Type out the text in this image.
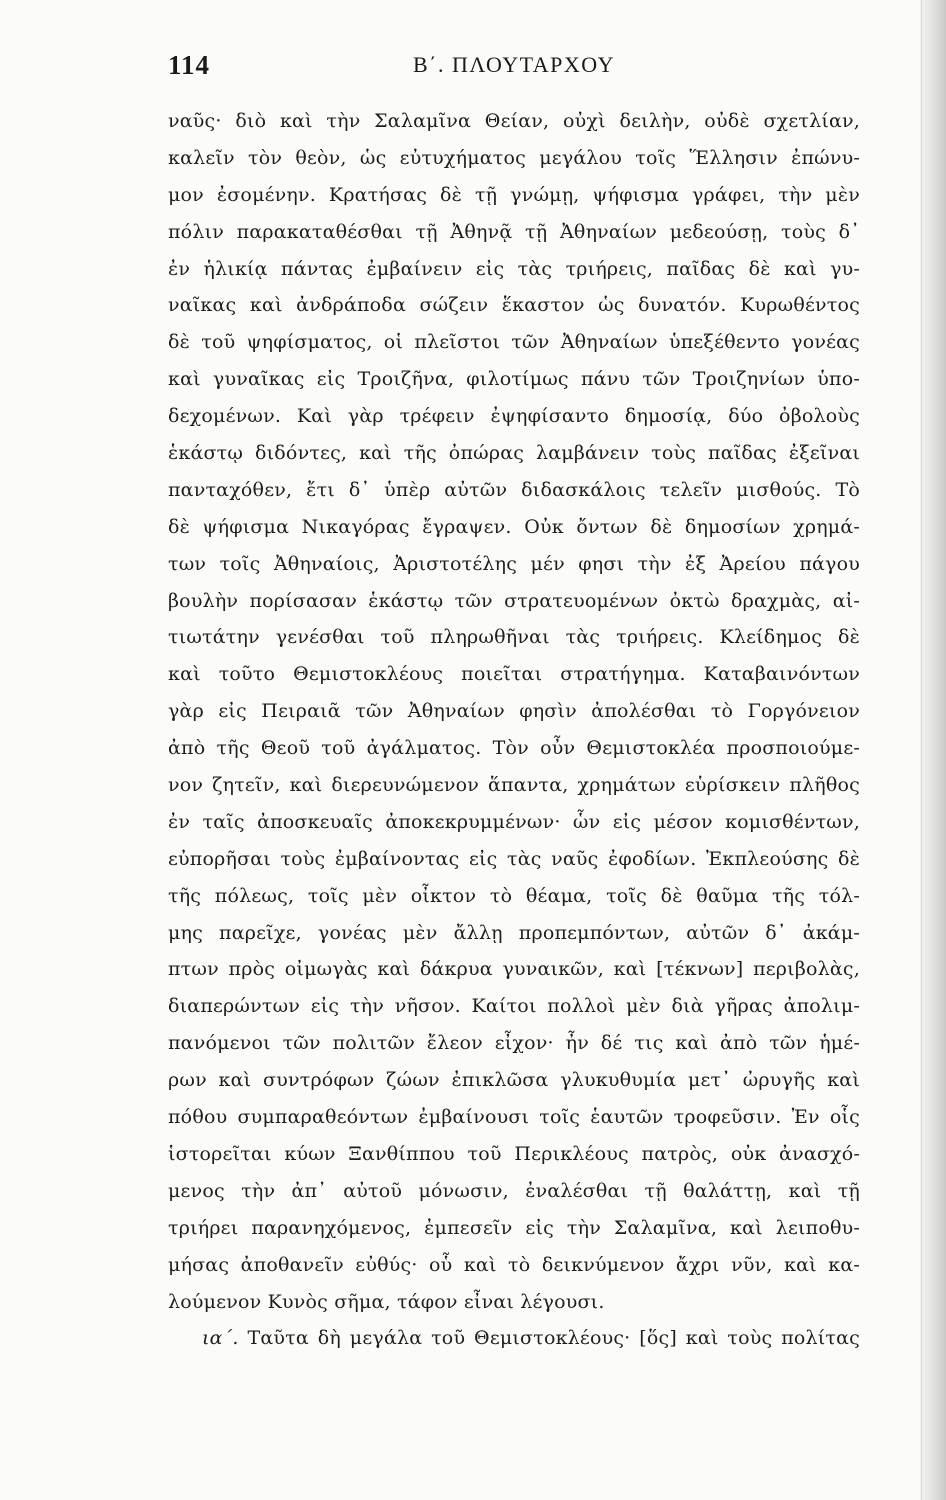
114	Β΄. ΠΛΟΥΤΑΡΧΟΥ
ναῦς· διὸ καὶ τὴν Σαλαμῖνα Θείαν, οὐχὶ δειλὴν, οὐδὲ σχετλίαν,
καλεῖν τὸν θεὸν, ὡς εὐτυχήματος μεγάλου τοῖς Ἕλλησιν ἐπώνυ-
μον ἐσομένην. Κρατήσας δὲ τῇ γνώμῃ, ψήφισμα γράφει, τὴν μὲν
πόλιν παρακαταθέσθαι τῇ Ἀθηνᾷ τῇ Ἀθηναίων μεδεούσῃ, τοὺς δ᾽
ἐν ἡλικίᾳ πάντας ἐμβαίνειν εἰς τὰς τριήρεις, παῖδας δὲ καὶ γυ-
ναῖκας καὶ ἀνδράποδα σώζειν ἕκαστον ὡς δυνατόν. Κυρωθέντος
δὲ τοῦ ψηφίσματος, οἱ πλεῖστοι τῶν Ἀθηναίων ὑπεξέθεντο γονέας
καὶ γυναῖκας εἰς Τροιζῆνα, φιλοτίμως πάνυ τῶν Τροιζηνίων ὑπο-
δεχομένων. Καὶ γὰρ τρέφειν ἐψηφίσαντο δημοσίᾳ, δύο ὀβολοὺς
ἑκάστῳ διδόντες, καὶ τῆς ὀπώρας λαμβάνειν τοὺς παῖδας ἐξεῖναι
πανταχόθεν, ἔτι δ᾽ ὑπὲρ αὐτῶν διδασκάλοις τελεῖν μισθούς. Τὸ
δὲ ψήφισμα Νικαγόρας ἔγραψεν. Οὐκ ὄντων δὲ δημοσίων χρημά-
των τοῖς Ἀθηναίοις, Ἀριστοτέλης μέν φησι τὴν ἐξ Ἀρείου πάγου
βουλὴν πορίσασαν ἑκάστῳ τῶν στρατευομένων ὀκτὼ δραχμὰς, αἰ-
τιωτάτην γενέσθαι τοῦ πληρωθῆναι τὰς τριήρεις. Κλείδημος δὲ
καὶ τοῦτο Θεμιστοκλέους ποιεῖται στρατήγημα. Καταβαινόντων
γὰρ εἰς Πειραιᾶ τῶν Ἀθηναίων φησὶν ἀπολέσθαι τὸ Γοργόνειον
ἀπὸ τῆς Θεοῦ τοῦ ἀγάλματος. Τὸν οὖν Θεμιστοκλέα προσποιούμε-
νον ζητεῖν, καὶ διερευνώμενον ἅπαντα, χρημάτων εὑρίσκειν πλῆθος
ἐν ταῖς ἀποσκευαῖς ἀποκεκρυμμένων· ὧν εἰς μέσον κομισθέντων,
εὐπορῆσαι τοὺς ἐμβαίνοντας εἰς τὰς ναῦς ἐφοδίων. Ἐκπλεούσης δὲ
τῆς πόλεως, τοῖς μὲν οἶκτον τὸ θέαμα, τοῖς δὲ θαῦμα τῆς τόλ-
μης παρεῖχε, γονέας μὲν ἄλλῃ προπεμπόντων, αὐτῶν δ᾽ ἀκάμ-
πτων πρὸς οἰμωγὰς καὶ δάκρυα γυναικῶν, καὶ [τέκνων] περιβολὰς,
διαπερώντων εἰς τὴν νῆσον. Καίτοι πολλοὶ μὲν διὰ γῆρας ἀπολιμ-
πανόμενοι τῶν πολιτῶν ἔλεον εἶχον· ἦν δέ τις καὶ ἀπὸ τῶν ἡμέ-
ρων καὶ συντρόφων ζώων ἐπικλῶσα γλυκυθυμία μετ᾽ ὠρυγῆς καὶ
πόθου συμπαραθεόντων ἐμβαίνουσι τοῖς ἑαυτῶν τροφεῦσιν. Ἐν οἷς
ἱστορεῖται κύων Ξανθίππου τοῦ Περικλέους πατρὸς, οὐκ ἀνασχό-
μενος τὴν ἀπ᾽ αὐτοῦ μόνωσιν, ἐναλέσθαι τῇ θαλάττῃ, καὶ τῇ
τριήρει παρανηχόμενος, ἐμπεσεῖν εἰς τὴν Σαλαμῖνα, καὶ λειποθυ-
μήσας ἀποθανεῖν εὐθύς· οὗ καὶ τὸ δεικνύμενον ἄχρι νῦν, καὶ κα-
λούμενον Κυνὸς σῆμα, τάφον εἶναι λέγουσι.
ια΄. Ταῦτα δὴ μεγάλα τοῦ Θεμιστοκλέους· [ὅς] καὶ τοὺς πολίτας
